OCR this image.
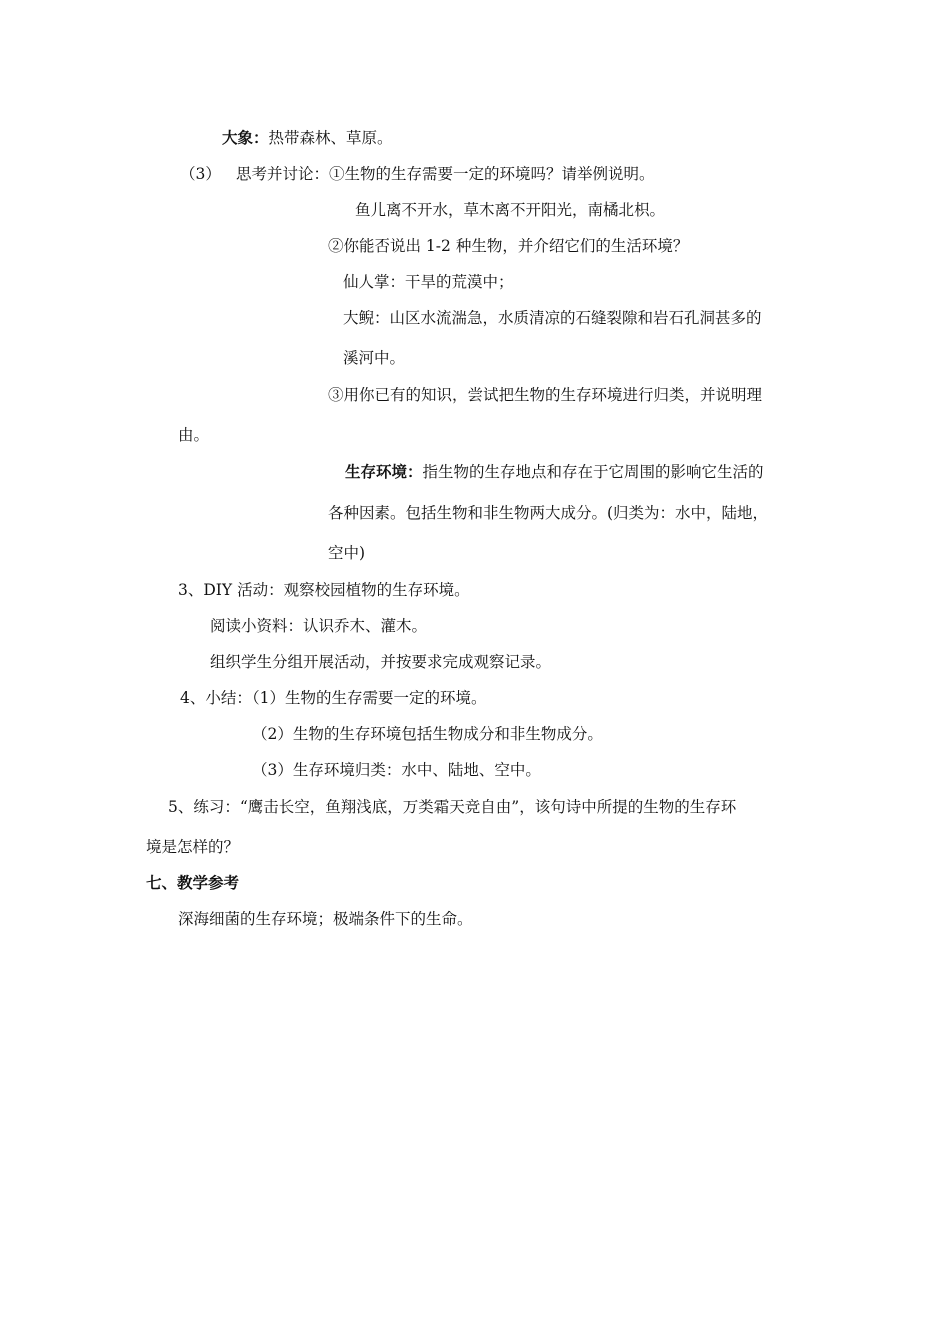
大象：热带森林、草原。
（3） 思考并讨论：①生物的生存需要一定的环境吗？请举例说明。
鱼儿离不开水，草木离不开阳光，南橘北枳。
②你能否说出 1-2 种生物，并介绍它们的生活环境？
仙人掌：干旱的荒漠中；
大鲵：山区水流湍急，水质清凉的石缝裂隙和岩石孔洞甚多的
溪河中。
③用你已有的知识，尝试把生物的生存环境进行归类，并说明理
由。
生存环境：指生物的生存地点和存在于它周围的影响它生活的
各种因素。包括生物和非生物两大成分。(归类为：水中，陆地，
空中)
3、DIY 活动：观察校园植物的生存环境。
阅读小资料：认识乔木、灌木。
组织学生分组开展活动，并按要求完成观察记录。
4、小结：（1）生物的生存需要一定的环境。
（2）生物的生存环境包括生物成分和非生物成分。
（3）生存环境归类：水中、陆地、空中。
5、练习：“鹰击长空，鱼翔浅底，万类霜天竞自由”，该句诗中所提的生物的生存环
境是怎样的？
七、教学参考
深海细菌的生存环境；极端条件下的生命。
